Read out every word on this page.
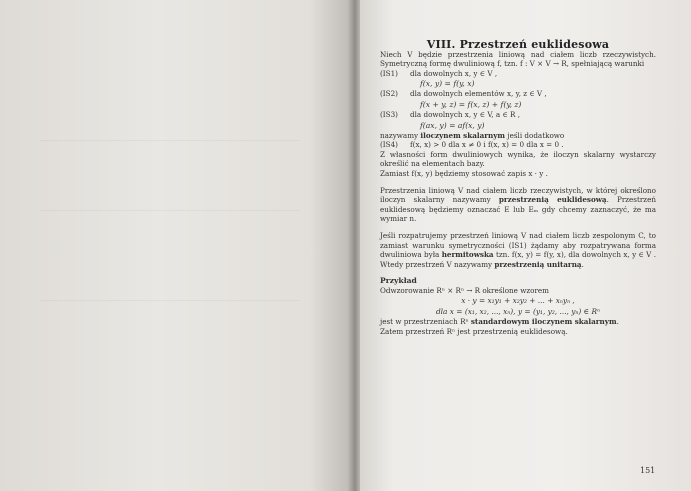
VIII. Przestrzeń euklidesowa

Niech V będzie przestrzenia liniową nad ciałem liczb rzeczywistych. Symetryczną formę dwuliniową f, tzn. f : V × V → R, spełniającą warunki

(IS1) dla dowolnych x, y ∈ V ,

f(x, y) = f(y, x)

(IS2) dla dowolnych elementów x, y, z ∈ V ,

f(x + y, z) = f(x, z) + f(y, z)

(IS3) dla dowolnych x, y ∈ V, a ∈ R ,

f(ax, y) = af(x, y)

nazywamy iloczynem skalarnym jeśli dodatkowo

(IS4) f(x, x) > 0 dla x ≠ 0 i f(x, x) = 0 dla x = 0 .

Z własności form dwuliniowych wynika, że iloczyn skalarny wystarczy określić na elementach bazy.

Zamiast f(x, y) będziemy stosować zapis x · y .

Przestrzenia liniową V nad ciałem liczb rzeczywistych, w której określono iloczyn skalarny nazywamy przestrzenią euklidesową. Przestrzeń euklidesową będziemy oznaczać E lub Eₘ gdy chcemy zaznaczyć, że ma wymiar n.

Jeśli rozpatrujemy przestrzeń liniową V nad ciałem liczb zespolonym C, to zamiast warunku symetryczności (IS1) żądamy aby rozpatrywana forma dwuliniowa była hermitowska tzn. f(x, y) = f(y, x), dla dowolnych x, y ∈ V . Wtedy przestrzeń V nazywamy przestrzenią unitarną.

Przykład

Odwzorowanie Rⁿ × Rⁿ → R określone wzorem

x · y = x₁y₁ + x₂y₂ + ... + xₙyₙ ,

dla x = (x₁, x₂, ..., xₙ), y = (y₁, y₂, ..., yₙ) ∈ Rⁿ

jest w przestrzeniach Rⁿ standardowym iloczynem skalarnym.

Zatem przestrzeń Rⁿ jest przestrzenią euklidesową.

151
